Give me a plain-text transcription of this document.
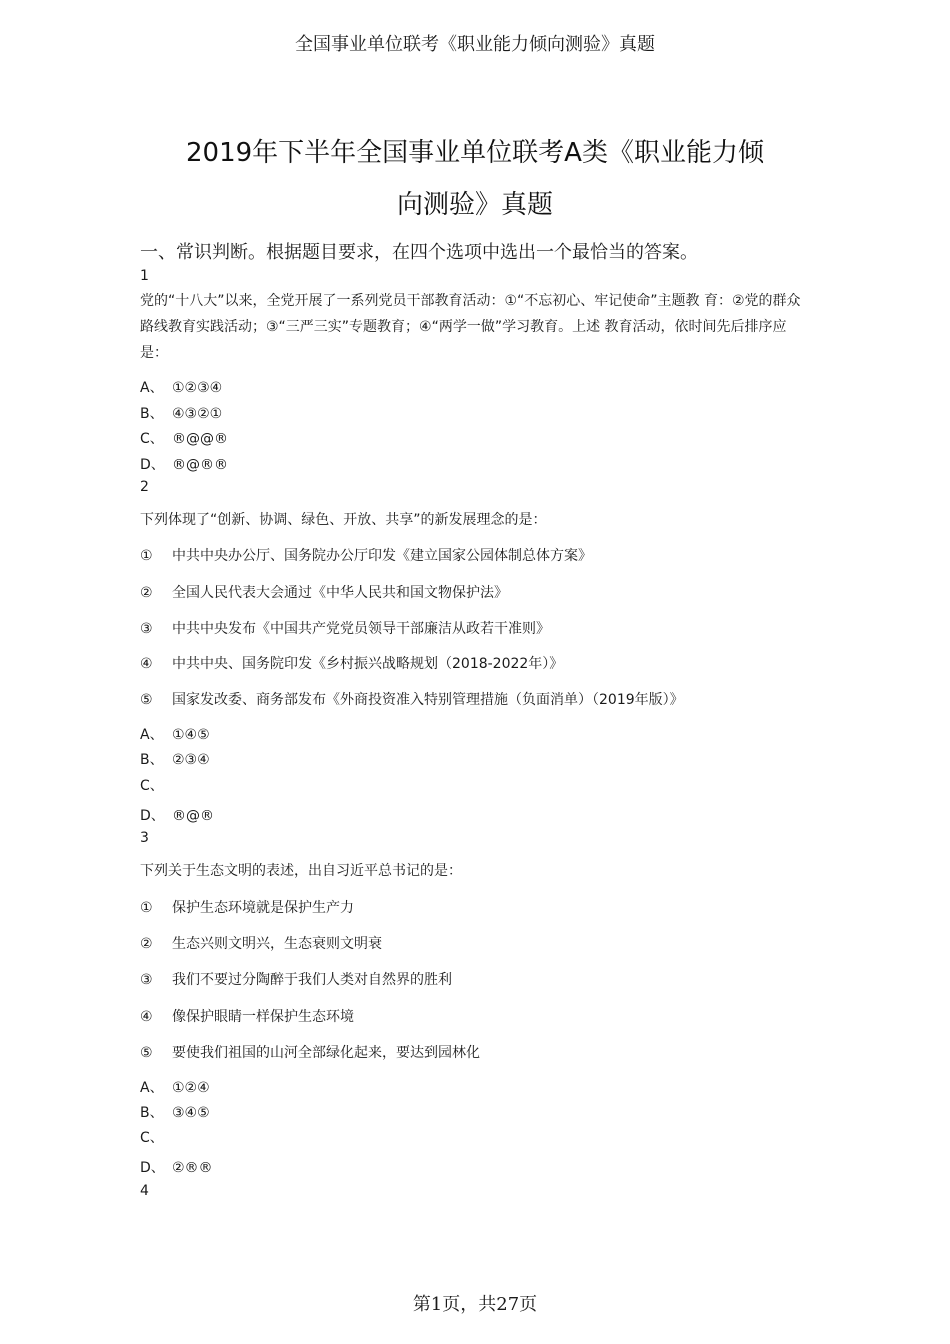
全国事业单位联考《职业能力倾向测验》真题
2019年下半年全国事业单位联考A类《职业能力倾
向测验》真题
一、常识判断。根据题目要求，在四个选项中选出一个最恰当的答案。
1
党的“十八大”以来，全党开展了一系列党员干部教育活动：①“不忘初心、牢记使命”主题教 育：②党的群众路线教育实践活动；③“三严三实”专题教育；④“两学一做”学习教育。上述 教育活动，依时间先后排序应是：
A、 ①②③④
B、 ④③②①
C、 ®@@®
D、 ®@®®
2
下列体现了“创新、协调、绿色、开放、共享”的新发展理念的是：
① 中共中央办公厅、国务院办公厅印发《建立国家公园体制总体方案》
② 全国人民代表大会通过《中华人民共和国文物保护法》
③ 中共中央发布《中国共产党党员领导干部廉洁从政若干准则》
④ 中共中央、国务院印发《乡村振兴战略规划（2018-2022年）》
⑤ 国家发改委、商务部发布《外商投资准入特别管理措施（负面消单）（2019年版）》
A、 ①④⑤
B、 ②③④
C、
D、 ®@®
3
下列关于生态文明的表述，出自习近平总书记的是：
① 保护生态环境就是保护生产力
② 生态兴则文明兴，生态衰则文明衰
③ 我们不要过分陶醉于我们人类对自然界的胜利
④ 像保护眼睛一样保护生态环境
⑤ 要使我们祖国的山河全部绿化起来，要达到园林化
A、 ①②④
B、 ③④⑤
C、
D、 ②®®
4
第1页，共27页
